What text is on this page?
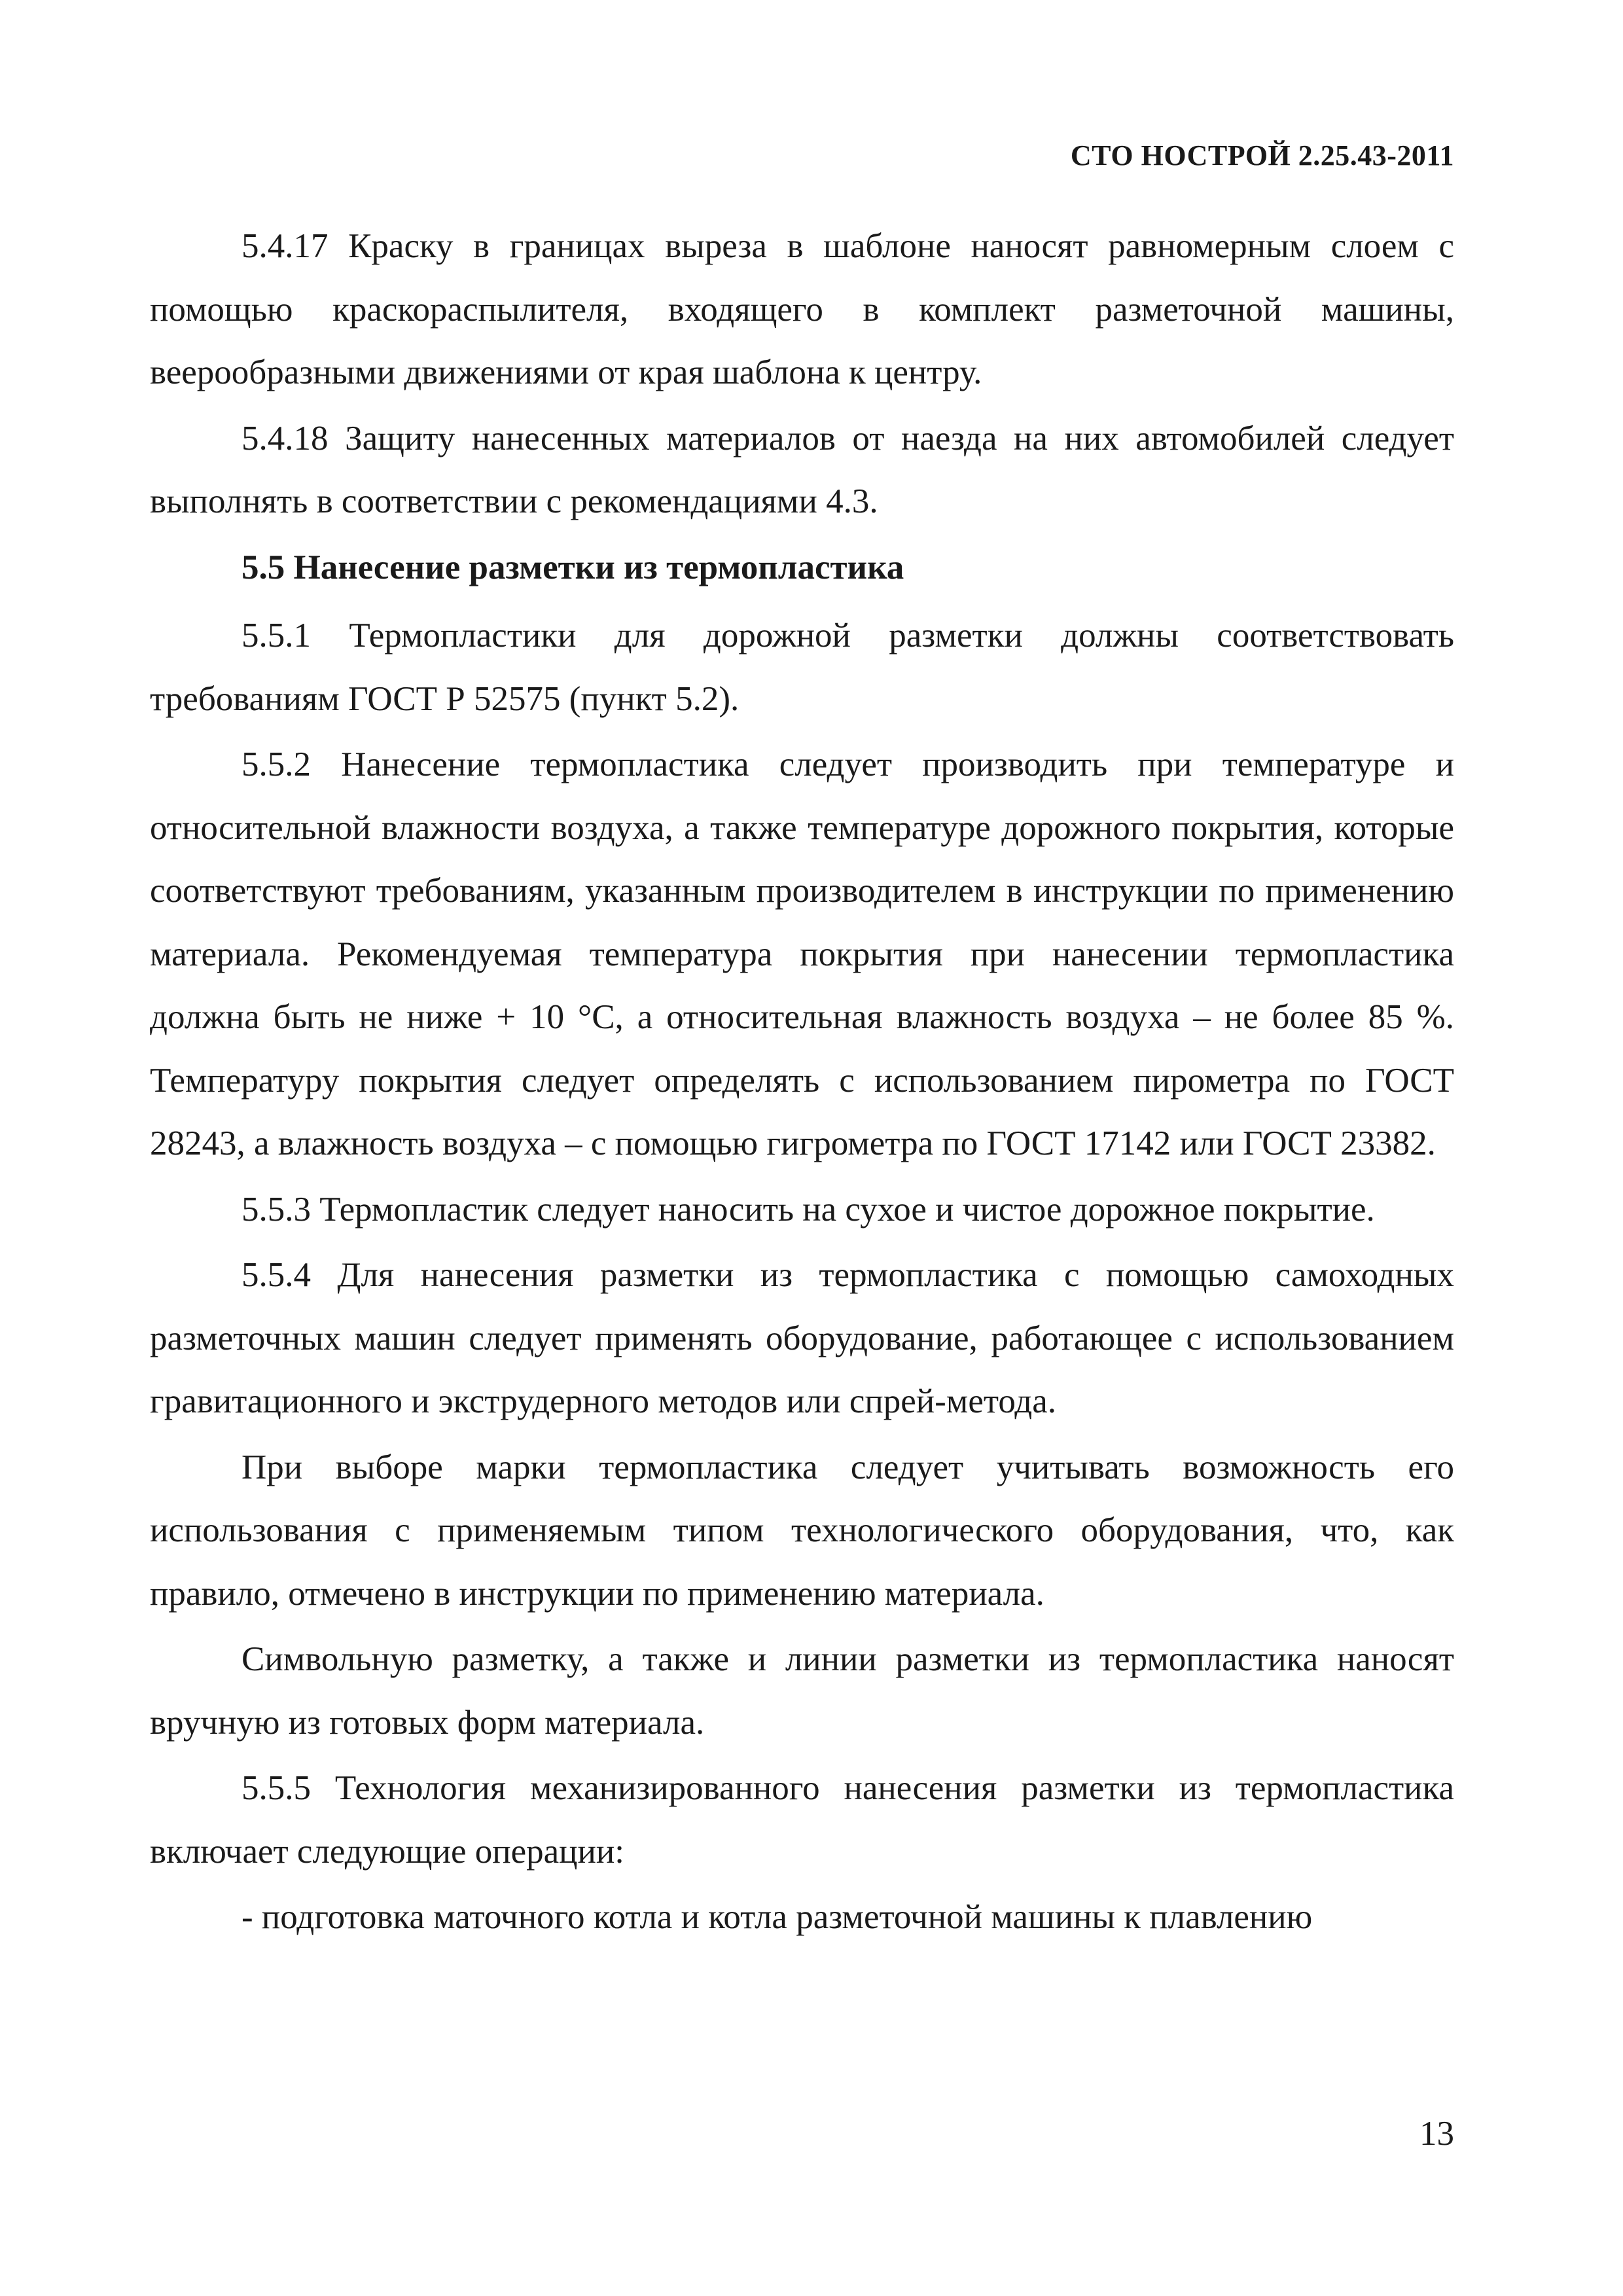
СТО НОСТРОЙ 2.25.43-2011

5.4.17 Краску в границах выреза в шаблоне наносят равномерным слоем с помощью краскораспылителя, входящего в комплект разметочной машины, веерообразными движениями от края шаблона к центру.

5.4.18 Защиту нанесенных материалов от наезда на них автомобилей следует выполнять в соответствии с рекомендациями 4.3.

5.5 Нанесение разметки из термопластика

5.5.1 Термопластики для дорожной разметки должны соответствовать требованиям ГОСТ Р 52575 (пункт 5.2).

5.5.2 Нанесение термопластика следует производить при температуре и относительной влажности воздуха, а также температуре дорожного покрытия, которые соответствуют требованиям, указанным производителем в инструкции по применению материала. Рекомендуемая температура покрытия при нанесении термопластика должна быть не ниже + 10 °С, а относительная влажность воздуха – не более 85 %. Температуру покрытия следует определять с использованием пирометра по ГОСТ 28243, а влажность воздуха – с помощью гигрометра по ГОСТ 17142 или ГОСТ 23382.

5.5.3 Термопластик следует наносить на сухое и чистое дорожное покрытие.

5.5.4 Для нанесения разметки из термопластика с помощью самоходных разметочных машин следует применять оборудование, работающее с использованием гравитационного и экструдерного методов или спрей-метода.

При выборе марки термопластика следует учитывать возможность его использования с применяемым типом технологического оборудования, что, как правило, отмечено в инструкции по применению материала.

Символьную разметку, а также и линии разметки из термопластика наносят вручную из готовых форм материала.

5.5.5 Технология механизированного нанесения разметки из термопластика включает следующие операции:

- подготовка маточного котла и котла разметочной машины к плавлению

13
